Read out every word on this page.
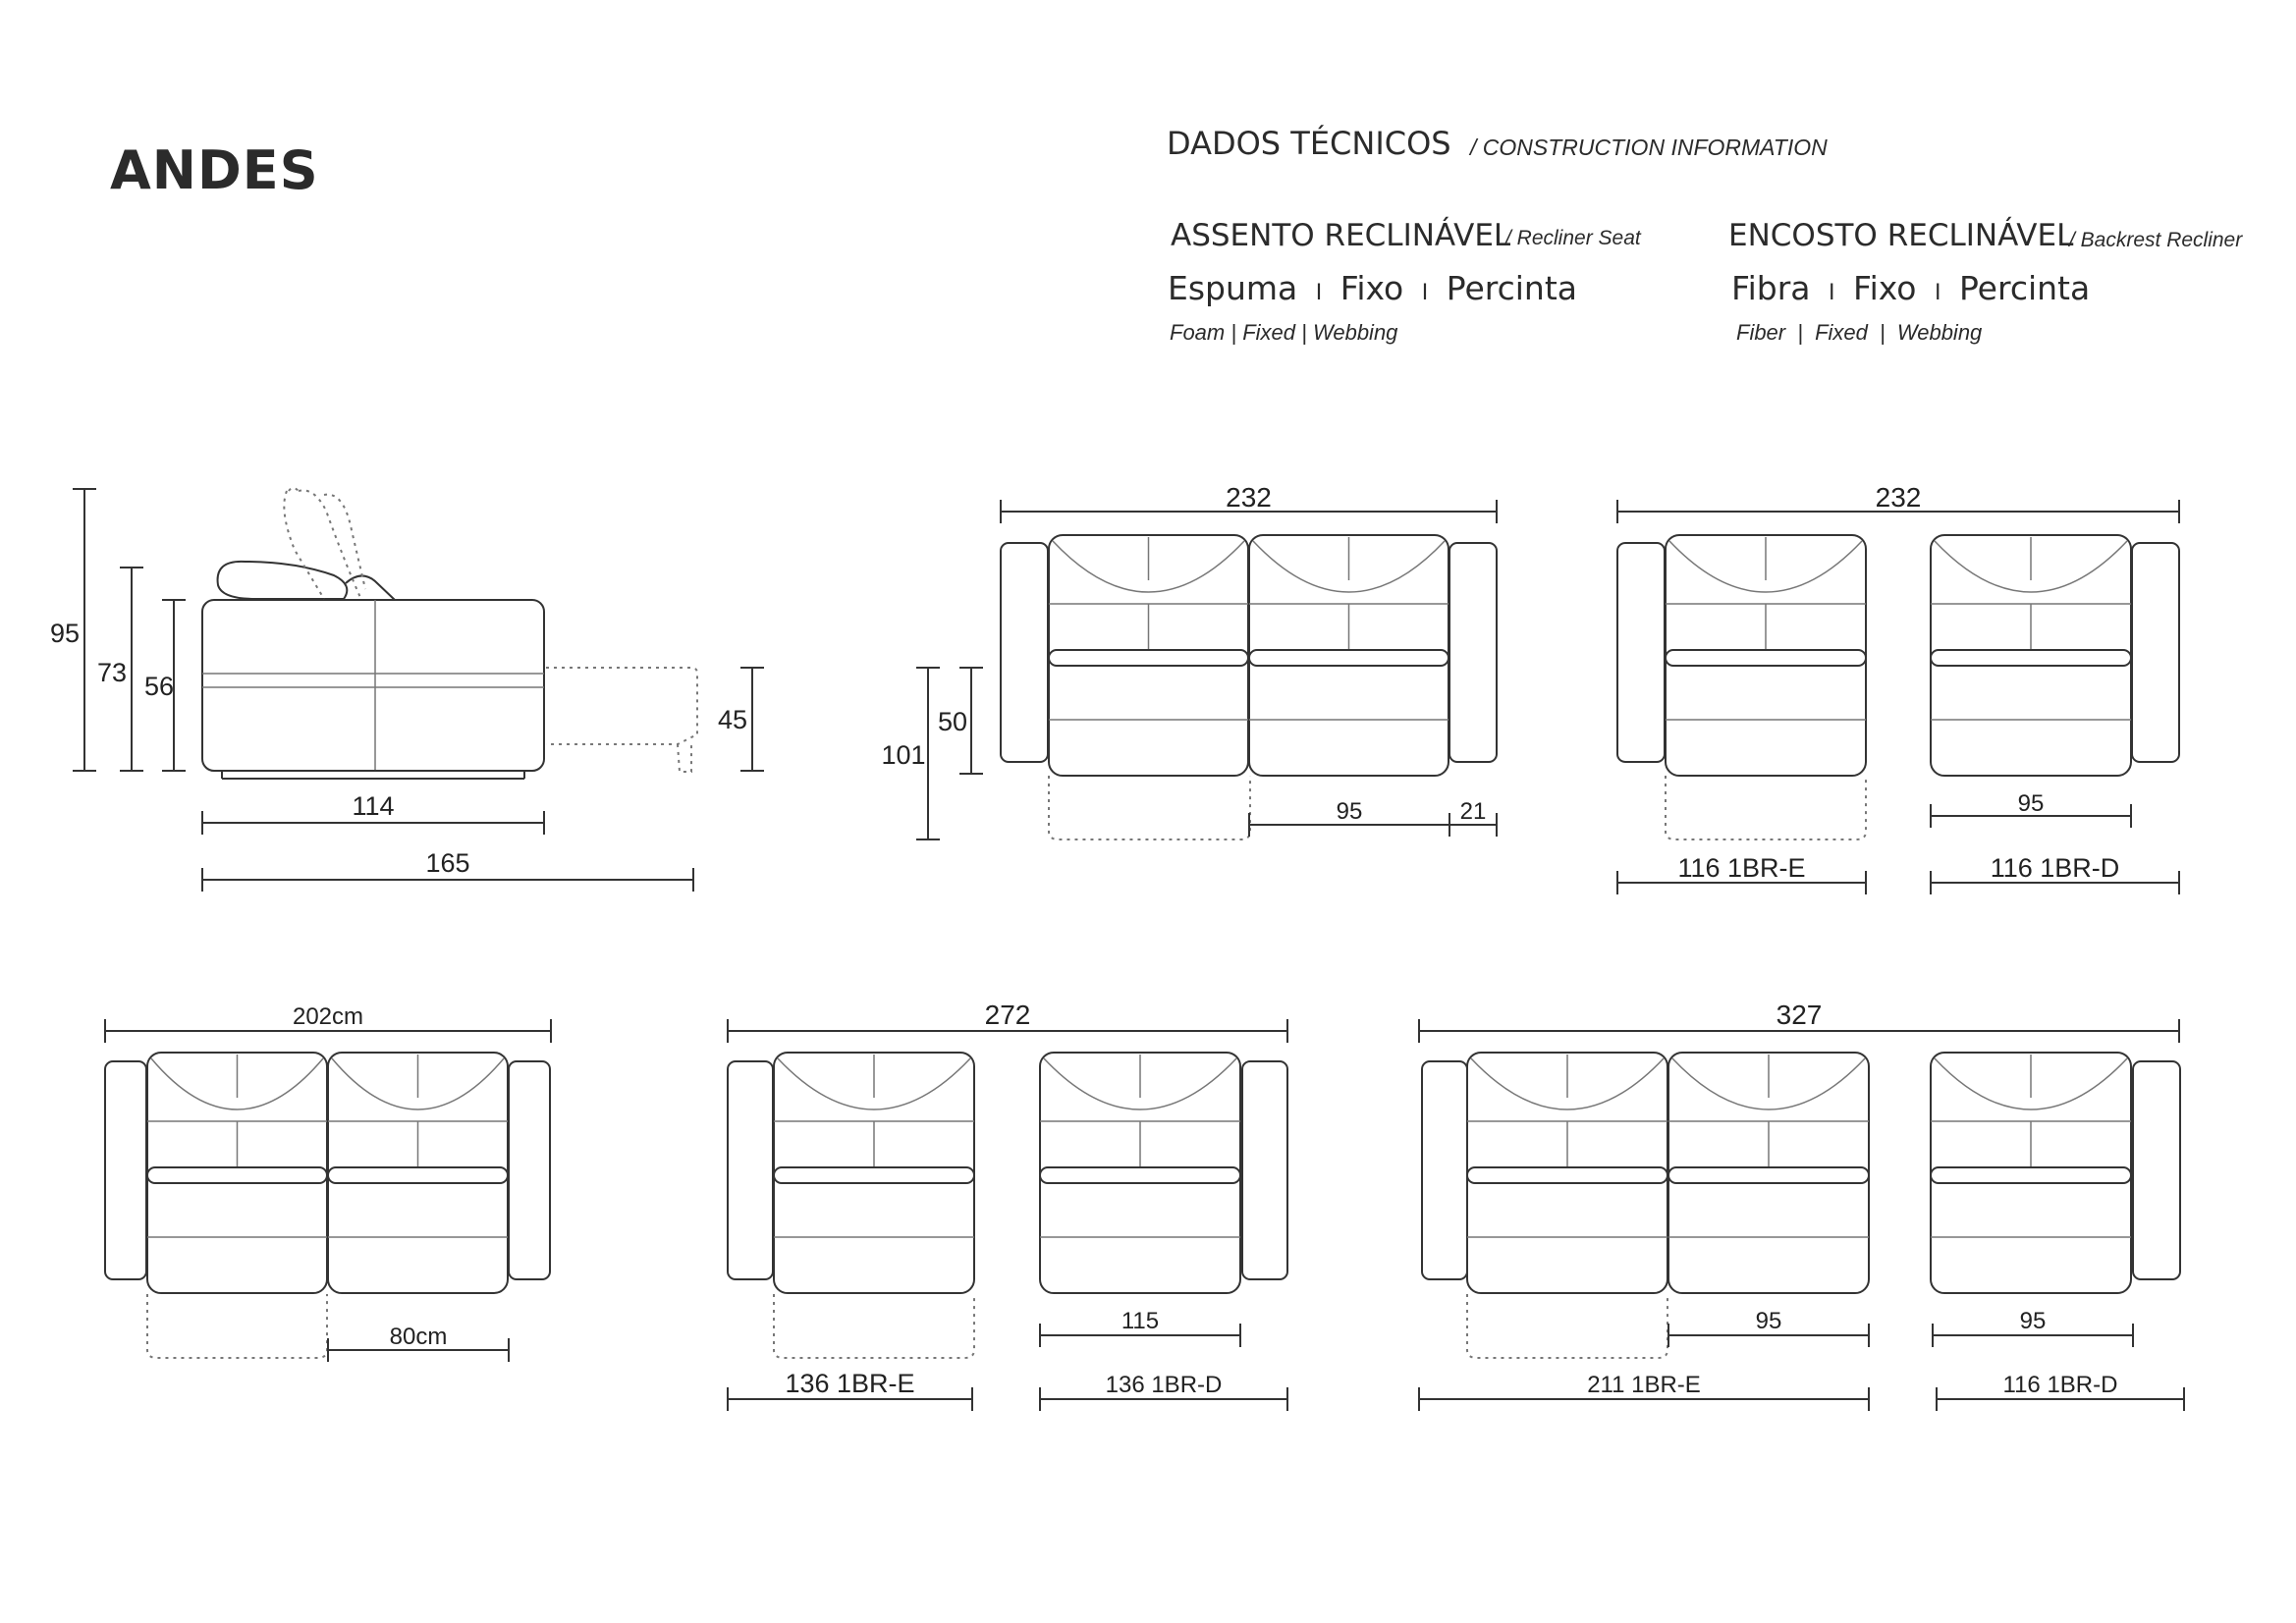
ANDES	DADOS TÉCNICOS / CONSTRUCTION INFORMATION
ASSENTO RECLINÁVEL
/ Recliner Seat	ENCOSTO RECLINÁVEL
/ Backrest Recliner
Espuma I Fixo I Percinta	Fibra I Fixo I Percinta
Foam | Fixed | Webbing	Fiber | Fixed | Webbing
95
73 56
45
114
165
232
101
50
95	21
232
95
116 1BR-E	116 1BR-D
202cm
80cm
272
115
136 1BR-E	136 1BR-D
327
95	95
211 1BR-E	116 1BR-D
